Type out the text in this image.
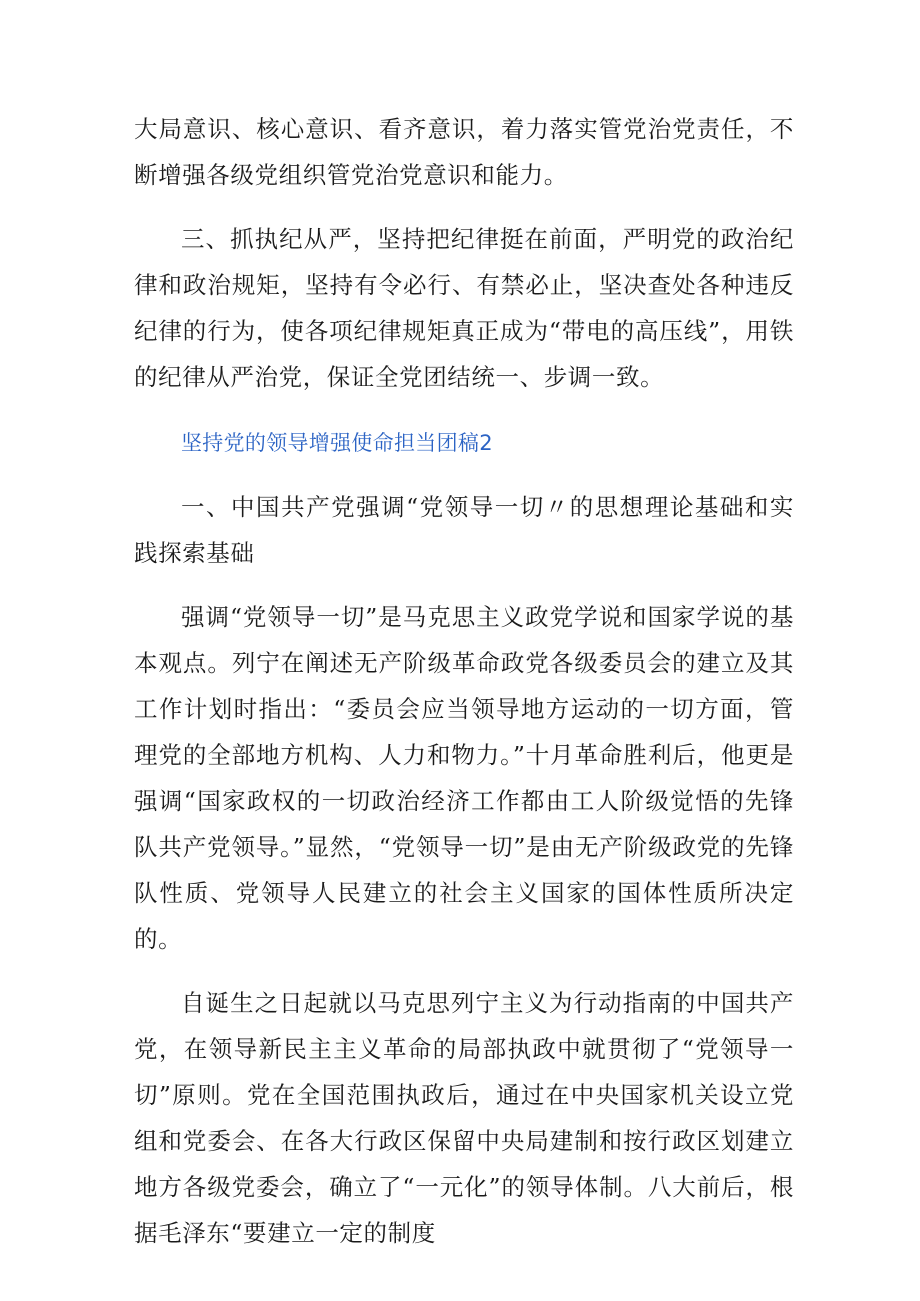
大局意识、核心意识、看齐意识，着力落实管党治党责任，不断增强各级党组织管党治党意识和能力。

三、抓执纪从严，坚持把纪律挺在前面，严明党的政治纪律和政治规矩，坚持有令必行、有禁必止，坚决查处各种违反纪律的行为，使各项纪律规矩真正成为“带电的高压线”，用铁的纪律从严治党，保证全党团结统一、步调一致。

坚持党的领导增强使命担当团稿2

一、中国共产党强调“党领导一切〃的思想理论基础和实践探索基础

强调“党领导一切”是马克思主义政党学说和国家学说的基本观点。列宁在阐述无产阶级革命政党各级委员会的建立及其工作计划时指出：“委员会应当领导地方运动的一切方面，管理党的全部地方机构、人力和物力。”十月革命胜利后，他更是强调“国家政权的一切政治经济工作都由工人阶级觉悟的先锋队共产党领导。”显然，“党领导一切”是由无产阶级政党的先锋队性质、党领导人民建立的社会主义国家的国体性质所决定的。

自诞生之日起就以马克思列宁主义为行动指南的中国共产党，在领导新民主主义革命的局部执政中就贯彻了“党领导一切”原则。党在全国范围执政后，通过在中央国家机关设立党组和党委会、在各大行政区保留中央局建制和按行政区划建立地方各级党委会，确立了“一元化”的领导体制。八大前后，根据毛泽东“要建立一定的制度
